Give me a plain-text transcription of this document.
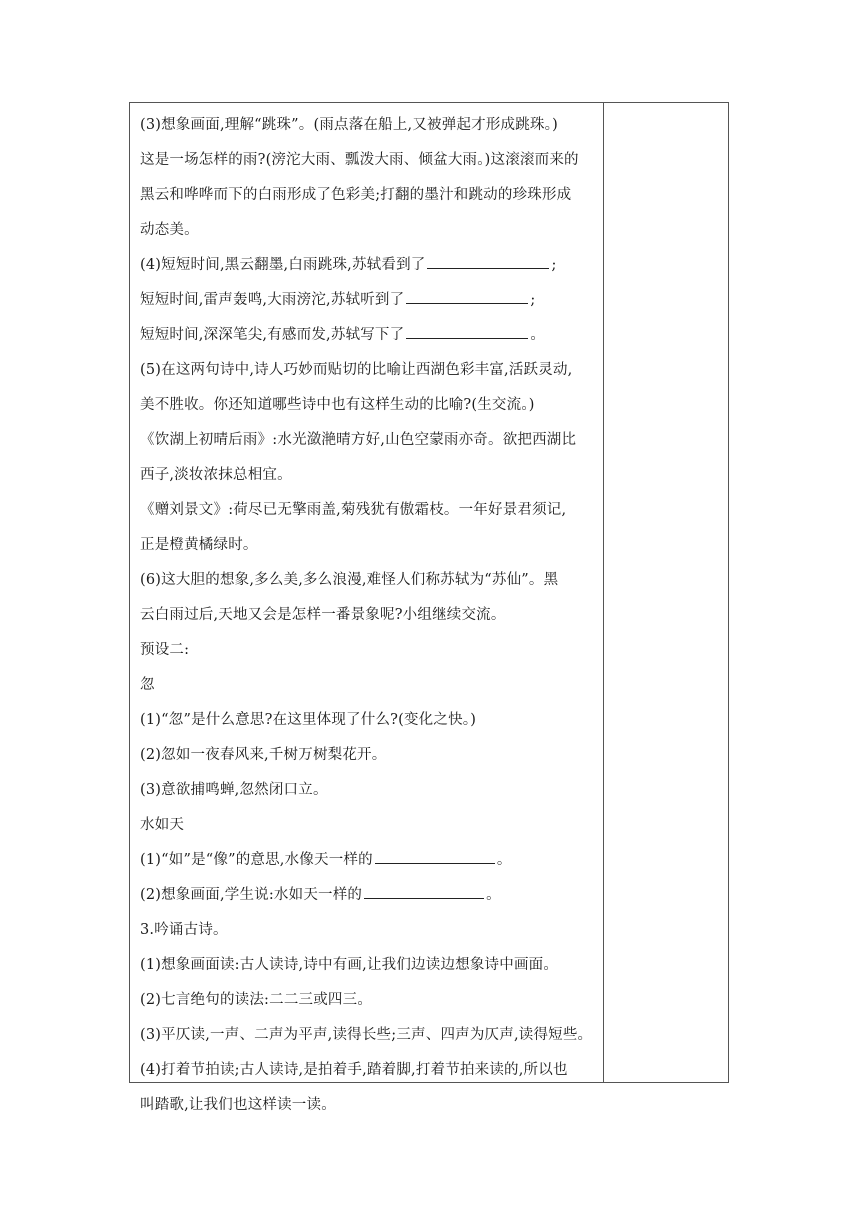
(3)想象画面,理解“跳珠”。(雨点落在船上,又被弹起才形成跳珠。)
这是一场怎样的雨?(滂沱大雨、瓢泼大雨、倾盆大雨。)这滚滚而来的
黑云和哗哗而下的白雨形成了色彩美;打翻的墨汁和跳动的珍珠形成
动态美。
(4)短短时间,黑云翻墨,白雨跳珠,苏轼看到了	;
短短时间,雷声轰鸣,大雨滂沱,苏轼听到了	;
短短时间,深深笔尖,有感而发,苏轼写下了	。
(5)在这两句诗中,诗人巧妙而贴切的比喻让西湖色彩丰富,活跃灵动,
美不胜收。你还知道哪些诗中也有这样生动的比喻?(生交流。)
《饮湖上初晴后雨》:水光潋滟晴方好,山色空蒙雨亦奇。欲把西湖比
西子,淡妆浓抹总相宜。
《赠刘景文》:荷尽已无擎雨盖,菊残犹有傲霜枝。一年好景君须记,
正是橙黄橘绿时。
(6)这大胆的想象,多么美,多么浪漫,难怪人们称苏轼为“苏仙”。黑
云白雨过后,天地又会是怎样一番景象呢?小组继续交流。
预设二:
忽
(1)“忽”是什么意思?在这里体现了什么?(变化之快。)
(2)忽如一夜春风来,千树万树梨花开。
(3)意欲捕鸣蝉,忽然闭口立。
水如天
(1)“如”是“像”的意思,水像天一样的	。
(2)想象画面,学生说:水如天一样的	。
3.吟诵古诗。
(1)想象画面读:古人读诗,诗中有画,让我们边读边想象诗中画面。
(2)七言绝句的读法:二二三或四三。
(3)平仄读,一声、二声为平声,读得长些;三声、四声为仄声,读得短些。
(4)打着节拍读;古人读诗,是拍着手,踏着脚,打着节拍来读的,所以也
叫踏歌,让我们也这样读一读。
